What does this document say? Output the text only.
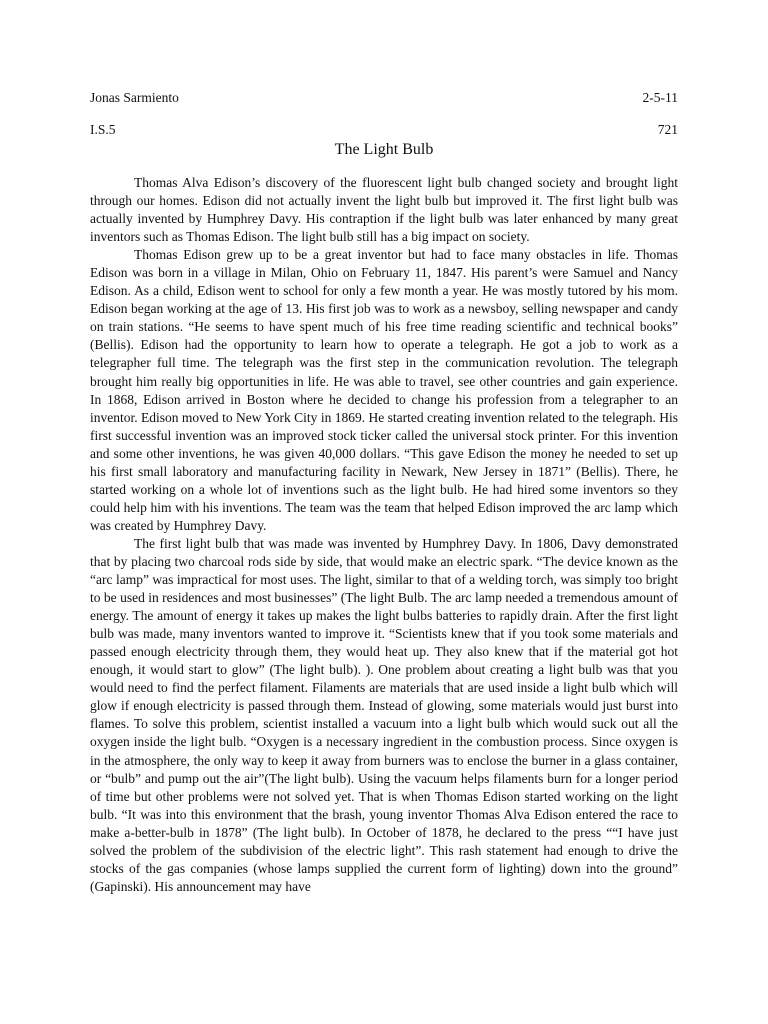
Jonas Sarmiento	2-5-11
I.S.5	721
The Light Bulb

Thomas Alva Edison’s discovery of the fluorescent light bulb changed society and brought light through our homes. Edison did not actually invent the light bulb but improved it. The first light bulb was actually invented by Humphrey Davy. His contraption if the light bulb was later enhanced by many great inventors such as Thomas Edison. The light bulb still has a big impact on society.

Thomas Edison grew up to be a great inventor but had to face many obstacles in life. Thomas Edison was born in a village in Milan, Ohio on February 11, 1847. His parent’s were Samuel and Nancy Edison. As a child, Edison went to school for only a few month a year. He was mostly tutored by his mom. Edison began working at the age of 13. His first job was to work as a newsboy, selling newspaper and candy on train stations. “He seems to have spent much of his free time reading scientific and technical books” (Bellis). Edison had the opportunity to learn how to operate a telegraph. He got a job to work as a telegrapher full time. The telegraph was the first step in the communication revolution. The telegraph brought him really big opportunities in life. He was able to travel, see other countries and gain experience. In 1868, Edison arrived in Boston where he decided to change his profession from a telegrapher to an inventor. Edison moved to New York City in 1869. He started creating invention related to the telegraph. His first successful invention was an improved stock ticker called the universal stock printer. For this invention and some other inventions, he was given 40,000 dollars. “This gave Edison the money he needed to set up his first small laboratory and manufacturing facility in Newark, New Jersey in 1871” (Bellis). There, he started working on a whole lot of inventions such as the light bulb. He had hired some inventors so they could help him with his inventions. The team was the team that helped Edison improved the arc lamp which was created by Humphrey Davy.

The first light bulb that was made was invented by Humphrey Davy. In 1806, Davy demonstrated that by placing two charcoal rods side by side, that would make an electric spark. “The device known as the “arc lamp” was impractical for most uses. The light, similar to that of a welding torch, was simply too bright to be used in residences and most businesses” (The light Bulb. The arc lamp needed a tremendous amount of energy. The amount of energy it takes up makes the light bulbs batteries to rapidly drain. After the first light bulb was made, many inventors wanted to improve it. “Scientists knew that if you took some materials and passed enough electricity through them, they would heat up. They also knew that if the material got hot enough, it would start to glow” (The light bulb). ). One problem about creating a light bulb was that you would need to find the perfect filament. Filaments are materials that are used inside a light bulb which will glow if enough electricity is passed through them. Instead of glowing, some materials would just burst into flames. To solve this problem, scientist installed a vacuum into a light bulb which would suck out all the oxygen inside the light bulb. “Oxygen is a necessary ingredient in the combustion process. Since oxygen is in the atmosphere, the only way to keep it away from burners was to enclose the burner in a glass container, or “bulb” and pump out the air”(The light bulb). Using the vacuum helps filaments burn for a longer period of time but other problems were not solved yet. That is when Thomas Edison started working on the light bulb. “It was into this environment that the brash, young inventor Thomas Alva Edison entered the race to make a-better-bulb in 1878” (The light bulb). In October of 1878, he declared to the press ““I have just solved the problem of the subdivision of the electric light”. This rash statement had enough to drive the stocks of the gas companies (whose lamps supplied the current form of lighting) down into the ground” (Gapinski). His announcement may have
